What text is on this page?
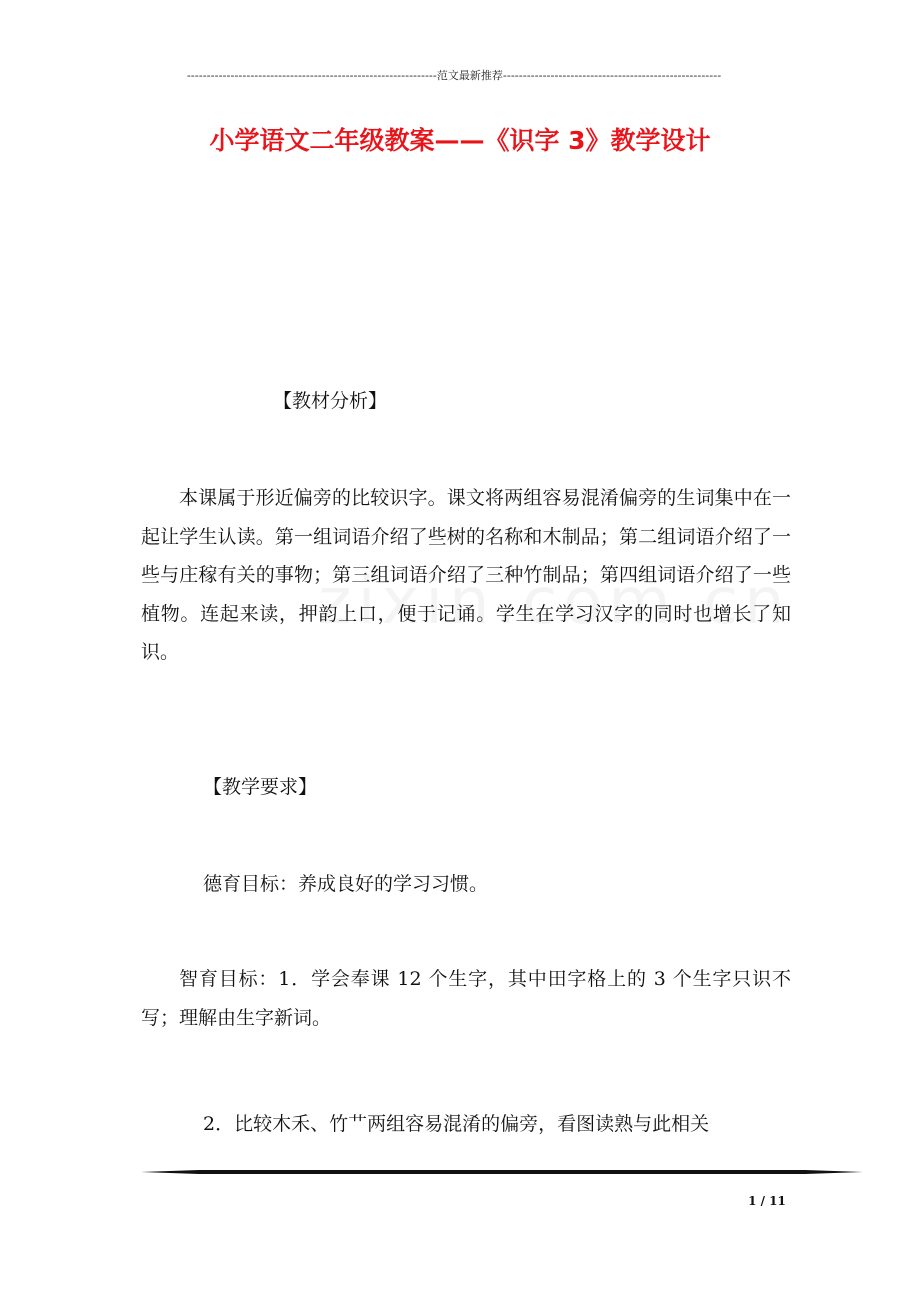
---------------------------------------------------------------范文最新推荐-------------------------------------------------------
小学语文二年级教案——《识字 3》教学设计
【教材分析】
本课属于形近偏旁的比较识字。课文将两组容易混淆偏旁的生词集中在一起让学生认读。第一组词语介绍了些树的名称和木制品；第二组词语介绍了一些与庄稼有关的事物；第三组词语介绍了三种竹制品；第四组词语介绍了一些植物。连起来读，押韵上口，便于记诵。学生在学习汉字的同时也增长了知识。
【教学要求】
德育目标：养成良好的学习习惯。
智育目标：1．学会奉课 12 个生字，其中田字格上的 3 个生字只识不写；理解由生字新词。
2．比较木禾、竹艹两组容易混淆的偏旁，看图读熟与此相关
1 / 11
